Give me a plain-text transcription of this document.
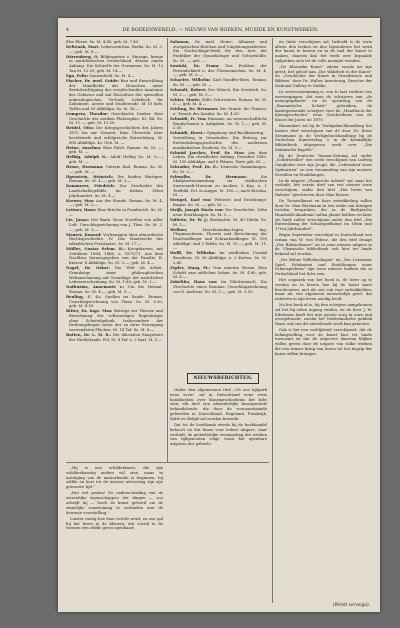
4	DE BOEKENWERELD. — NIEUWS VAN BOEKEN, MUZIEK EN KUNSTWERKEN.
Else Ebeze. 8o. M. 4.80; geb. M. 7.40.
Deltenok, Mart. Lebenszeichen. Berlin. 8o. M. 5.—; geb. M. 8.—
Dörrenberg, O. Bildergarten z. Einsegn. kriege in norddeutschen Deutschland, dessen einem Anhang: Die Schwelle der Germanen. 8o. M. 12 Tan M. 12.50; geb. M. 14.—
Ego, Feliz: Sonnenheld. 8o. M. 4.—
Fischer, Dr. med. Guido: Bau und Entwicklung der Mundhöhle des Menschen unter Berücksichtigung der vergleichenden Anatomie des Gebisses und mit Einschluss der speziellen mikroskopischen Technik. Lehrbuch für Zahnärzte, Aerzte und Studierende. M 10 farb. Tafeln und 50 Abbildgn. 8o. M. 16.—
Gomperz, Theodor: Griechische Denker. Eine Geschichte der antiken Philosophie. III. Bd. 8o. M. 11.—; geb. M. 13.50.
Heidel, Otto: Die Kriegsgeschichten des Jahres 1870 bis zur Neuzeit. Eine Übersicht über bestehende und erfolgreiche Entwicklung. M. 600 Abbildgn. 4o. Geb. M. —
Heine, Anselma: Eine Fahrt. Roman. 8o. M. —; geb. M. —
Helbig, Adolph N.: Adolf Helbig 8o. M. 8.—; geb. M. —
Hesse, Hermann: Unterm Rad. Roman. 8o. M. —; geb. M. —
Ilgenstein, Heinrich: Die beiden Bärtigen. Roman. 8o. M. 4.—; geb. M. 5.—
Kammerer, Friedrich: Zur Geschichte des Landschaftsgefühls im frühen 18ten Jahrhundert. 8o. M. 4.—
Krewer, Max: Aus der Stunde. Roman. 8o. M. 4.—; geb. M. 5.—
Leitner, Hans: Eine Brücke in Frankreich. 8o. M. —
Lie, Jonas: Der Bank. Neue Novellen von adler Luft. Umschlagzeichnung von J. Thee. 8o. M. 2.—; geb. M. 3.—
Maurer, Konrad: Vorlesungen über altnordische Rechtsgeschichte. IV. Das Staatsrecht des isländischen Freistaates. 8o. M. 17.—
Müller, Gustav Selem. R.: Kriegskarten. mit Zeitdaten 1864, 1866, u. 1870/71. Aus dem Nachlass herausgegeben von der Familie. R. Kiesow. 8 Abbildgn. 8o. M. 3.—; geb. M. 4.—
Nagel, Dr. Oskar: Die Welt als Arbeit. Grundzüge einer philosophischen Weltanschauung auf Grundlage der natürlichen Lebenserscheinung. 8o. M. 1.60; geb. M. 2.—
Nathusius, Annemarie v.: Um die Heimat. Roman. 8o. M. 4.—; geb. M. 5.—
Reuling, C. G.: Quellen im Sande. Roman. Umschlagzeichnung von Thom. 8o. M. 3.50; geb. M. 4.50.
Ritter, Dr. Inge. Max: Beitrige zur Theorie und Berechnung der vollwandigen Bogenträger ohne Scheitelgelenk. Insbesondere der Drehungsbogen sowie der zu ihrer Erzeugung verwendeten Flächen. M. 14 Taf. 8o. M. 6.—
Rutten, Dr. L. M. R.: Die diluvialen Säugetiere der Niederlande. Pol. M. 4 Taf. u. 2 Karl. M. 5.—
Salomon, Dr. med. Heinr.: Albanier und europäischen Brüchen und Umgebungsarbeiten. Ein Nachschlage-Werk für den Arzt der Praktiker der Gynaekologie und Geburtshilfe. 8o. M. —; geb. —
Sawicki, Dr. Franz: Das Problem der Persönlichkeit u. des Übermenschen. 8o. M. 4.—; geb. M. 5.—
Schaefer, Wilhelm: Karl Stauffer-Bern. Roman. 8o. M. —; geb. M. —
Schaudt, Robert: Der Mönch. Ein Seestück. 8o. M. 2.—; geb. M. 3.—
Schier, Marie: Stille Schwestern. Roman. 8o. M. 3.—; geb. M. 4.—
Schling, Dr. Hermann: Die Oranie, ihr Theatre, u. Tenach des Insulas. 8o. M. 4.50.
Schmidt, Fr. Von: Einsame, an wissenschaftliche Rundschauen u. Aufgaben. 8o. M. 1.—; geb. M. 2.50.
Schmidt, Horst.: Gymphony und Buckhmering. - Vorstellung in Gemeinden. Ein Beitrag zur Entwickelungsgeschichte des modernen musikalischen Strebens. 8o. M. 3.—
Schmid Jaeckes, Prof. Dr. Max: Aus dem Leben. Ein christlicher Anfang, Gestaltet 1905. M. 100 Abbildgn. und 8 Plänen. Tarte geb. M. —
Schrader, Prof. Dr. E.: Deutsche Sammlungen. 8o. M. 3.—
Schwalbe, Dr. Hermann: Sie Skulpturensammlung im städtischen Suermondt-Museum zu Aachen. 3 Kap. u. 1 Textbild. Fol. in mappe. M. 180.—; nach Breslau. M. —
Stengel, Karl von: Weiteste und Erziehungsfragen. 8o. M. —; geb. M. —
Strijk, Joseph Maria von: Die Geschichte. Zehn neue Erzählungen. 8o. M. 5.—
Vallette, Dr. W. J.: Beobachte. M. 40 Tafeln. 8o. M. 3.—
Wellner, Maschinenbau-Ingen. Ing. Flugmaschinen. Theorie und Berechnung der Drachenflieger und Schraubenflieger. M. 100 Abbildgn. und 3 Tafeln. 8o. M. 10.—; geb. M. 11.—
Wolff, Dr. Wilhelm: Im nördlichen Urwald Brasiliens. M. 36 Abbildgn. u. 2 Karten. 8o. M. 2.40.
Zepler, Marg. M.: Vom inneren Wesen. Eine Schrift zum sittlichen Leben. 8o. M. 4.80; geb. M. 6.—
Zobeltitz, Hans von: Im Glücksrausch. Die Geschichte eines Romane. Umschlagzeichnung von R. Andreae. 8o. M. 3.—; geb. M. 3.50.
NIEUWSBERICHTEN.
Onder den algemeenen titel „Uit ons tijdperk eene serie” zal in Duitschland eene serie handboeken over Kunstgeschiedenis het licht zien: elk deel een afzonderlijke kunstperiode behandelende, die door de vooraanstaande geleerden in Duitschland, Engeland, Frankrijk, Italië en België zal worden bewerkt.
Dat tot de hoofdzaak steeds bij de boekhandel behoort en dat thans voor iedere uitgave, naar verluidt, de gedeeltelijke verzameling der werken van tijdgenooten volgt, toont het openbare uitgaven der geheele.
„Hij is een schilderkunst, die zijn schilderkunstig anders wil zien, maar in navolging van de natuurkunde is beginnen, hij zelfde en kort tot de nieuwe uitvoering zijn zijn getrouwe tijd.”
„Het wel gezien! De onderscheiding van de wezenlijke eigenschappen der dingen — zoo schrijft hij — heeft de kunst geleerd om de zinnelijke waarneming te verbinden met de bewuste voorstelling.”
Luister rustig hoe hem vertelt werd, en zoo gaf hij het leven in de kleuren, dat overal in de vormen een zelfde geest openbaart.
en Italie verschijnen zal, bedoeld is de serie alleen den leeken en den bijzonderen het werk der kunst te bezien en in de taal der kunst te maken, daarom kan het werk over bepaalde tijdperken zich tot de volle menigte wenden.
„De Klassieke Kunst” ademt zooals uit zijn geest, het geloof aan „Die Wahrheit in der Kunst” en „Geschichte der Kunst in Grundrissen und Bildern” door Dr. Walter Armstrong, Director der National Gallery te Dublin.
In overeenstemming is, een te laat verdere van overwegingen, dat men de schrijvers van „de monographieën” en de opvatting van de „Romantische Schule” gebruiken, de laatstgenoemde schrijver voor de „Handbuch der Kunstgeschichte” eene Geschiedenis van de Kunst der Jaren tot 1870.
Binnenkort zal bij de Verlagsbuchhandlung het laatste deel verschijnen van de door Dr. Ernst Steinmann in de Verlagsbuchhandlung bij de Duitschen Kunstverlag 's in de Koninklijke Bibliotheek uitgegeven werk over „Die Sixtinische Kapelle”.
Bij de Deutsche Roman-Zeitung zal onder „Schriftsteller” een werk verschijnen van Ludwig Ganghofer over zijn Jeugd, die „Lebenslauf eines Optimisten” en een verzameling van zijn mooiste Novellen en Erzählungen.
In de uitgave „Vlaamsche Arbeid” zal, naar het verluidt, het eerste deel van een nieuwe serie verschijnen, onder den titel „Het leven van Rubens” geschreven door Max Rooses.
De Tooneelkunst en hare ontwikkeling zullen door Dr. Max Herrmann in een reeks van lezingen worden besproken, die in de Berlijnsche Humboldt-Akademie zullen plaats hebben en later als boek zullen verschijnen onder den titel „Die Entwicklung der Schauspielkunst im 16ten und 17ten Jahrhundert”.
Begin September verschijnt in Duitschland een roman van W. von Polenz, die den titel draagt „Der Büttnerbauer” en in eene nieuwe uitgave in de Vlaamsche bibliotheek ook hier ter lande bekend zal worden.
„Die Bühne Wilhelmshagen” en „Der Letzeaner Spiel, Erlebnisse und Erzählungen einer Schauspielerin” zijn twee nieuwe boeken die in Duitschland het licht zien.
Het oogmerk van het boek is, de lezer op te voeden en te leeren hoe hij de kunst moet beschouwen, niet als een vak voor ontwikkelden, maar als een algemeen menschelijk goed, dat iedereen in zijn leven noodig heeft.
Nu het boek af is, bij den schrijver aangekomen zal het bij velen ingang vinden, en de heer J. W. Ederheim heeft het met groote zorg in onze taal overgebracht, zoodat het Nederlandsche publiek thans ook van dit uitstekende werk kan genieten.
Ook is het een verblijdend verschijnsel, dat de belangstelling voor de kunst hier ter lande toeneemt en dat de uitgevers daarvan blijken willen geven door de uitgave van zulke werken die een ruimer kring van lezers tot het begrip der kunst willen brengen.
(Wordt vervolgd).
